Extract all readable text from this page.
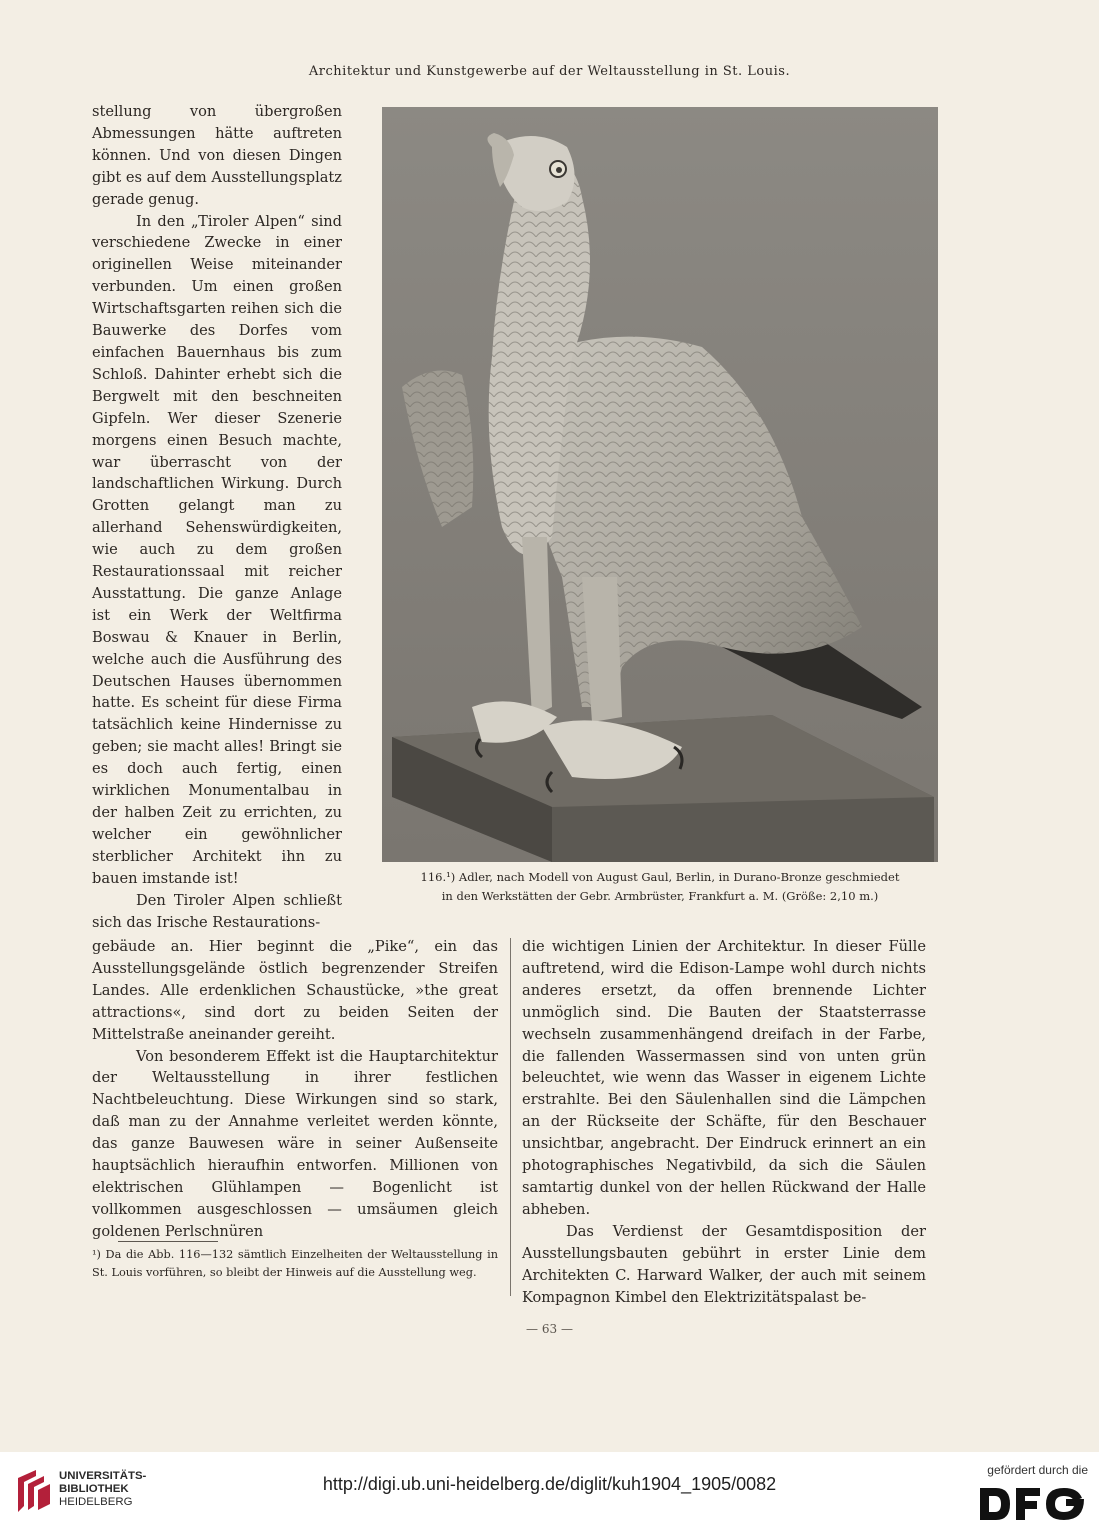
Architektur und Kunstgewerbe auf der Weltausstellung in St. Louis.
116.¹) Adler, nach Modell von August Gaul, Berlin, in Durano-Bronze geschmiedet
in den Werkstätten der Gebr. Armbrüster, Frankfurt a. M. (Größe: 2,10 m.)

stellung von übergroßen Abmessungen hätte auftreten können. Und von diesen Dingen gibt es auf dem Ausstellungsplatz gerade genug.

In den „Tiroler Alpen“ sind verschiedene Zwecke in einer originellen Weise miteinander verbunden. Um einen großen Wirtschaftsgarten reihen sich die Bauwerke des Dorfes vom einfachen Bauernhaus bis zum Schloß. Dahinter erhebt sich die Bergwelt mit den beschneiten Gipfeln. Wer dieser Szenerie morgens einen Besuch machte, war überrascht von der landschaftlichen Wirkung. Durch Grotten gelangt man zu allerhand Sehenswürdigkeiten, wie auch zu dem großen Restaurationssaal mit reicher Ausstattung. Die ganze Anlage ist ein Werk der Weltfirma Boswau & Knauer in Berlin, welche auch die Ausführung des Deutschen Hauses übernommen hatte. Es scheint für diese Firma tatsächlich keine Hindernisse zu geben; sie macht alles! Bringt sie es doch auch fertig, einen wirklichen Monumentalbau in der halben Zeit zu errichten, zu welcher ein gewöhnlicher sterblicher Architekt ihn zu bauen imstande ist!

Den Tiroler Alpen schließt sich das Irische Restaurations-

gebäude an. Hier beginnt die „Pike“, ein das Ausstellungsgelände östlich begrenzender Streifen Landes. Alle erdenklichen Schaustücke, »the great attractions«, sind dort zu beiden Seiten der Mittelstraße aneinander gereiht.

Von besonderem Effekt ist die Hauptarchitektur der Weltausstellung in ihrer festlichen Nachtbeleuchtung. Diese Wirkungen sind so stark, daß man zu der Annahme verleitet werden könnte, das ganze Bauwesen wäre in seiner Außenseite hauptsächlich hieraufhin entworfen. Millionen von elektrischen Glühlampen — Bogenlicht ist vollkommen ausgeschlossen — umsäumen gleich goldenen Perlschnüren

die wichtigen Linien der Architektur. In dieser Fülle auftretend, wird die Edison-Lampe wohl durch nichts anderes ersetzt, da offen brennende Lichter unmöglich sind. Die Bauten der Staatsterrasse wechseln zusammenhängend dreifach in der Farbe, die fallenden Wassermassen sind von unten grün beleuchtet, wie wenn das Wasser in eigenem Lichte erstrahlte. Bei den Säulenhallen sind die Lämpchen an der Rückseite der Schäfte, für den Beschauer unsichtbar, angebracht. Der Eindruck erinnert an ein photographisches Negativbild, da sich die Säulen samtartig dunkel von der hellen Rückwand der Halle abheben.

Das Verdienst der Gesamtdisposition der Ausstellungsbauten gebührt in erster Linie dem Architekten C. Harward Walker, der auch mit seinem Kompagnon Kimbel den Elektrizitätspalast be-

¹) Da die Abb. 116—132 sämtlich Einzelheiten der Weltausstellung in St. Louis vorführen, so bleibt der Hinweis auf die Ausstellung weg.
— 63 —
UNIVERSITÄTS-
BIBLIOTHEK
HEIDELBERG
http://digi.ub.uni-heidelberg.de/diglit/kuh1904_1905/0082
gefördert durch die
